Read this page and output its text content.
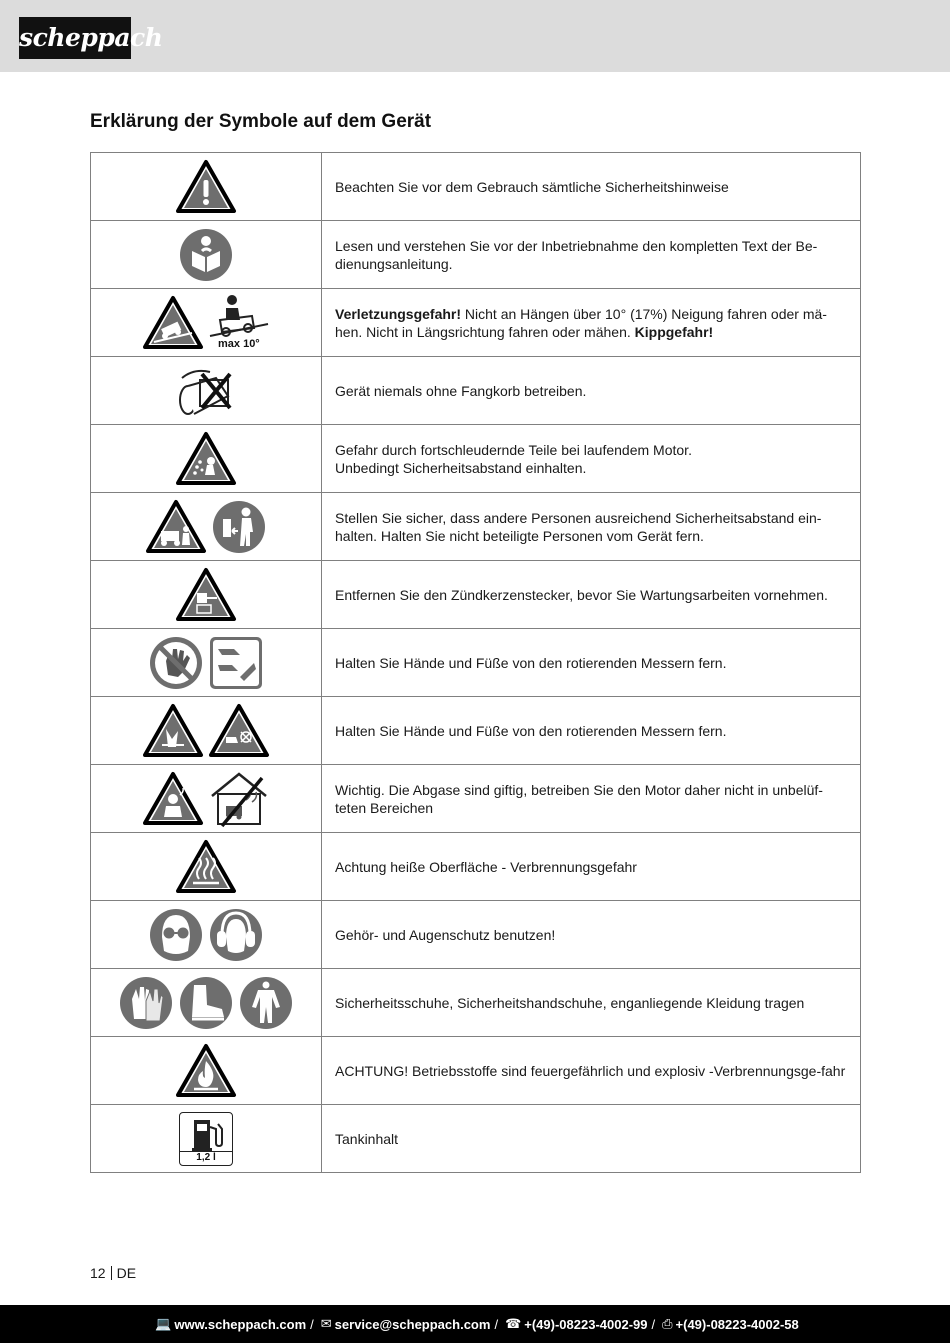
scheppach
Erklärung der Symbole auf dem Gerät
	Beachten Sie vor dem Gebrauch sämtliche Sicherheitshinweise

	Lesen und verstehen Sie vor der Inbetriebnahme den kompletten Text der Be-dienungsanleitung.

max 10°	Verletzungsgefahr! Nicht an Hängen über 10° (17%) Neigung fahren oder mä-hen. Nicht in Längsrichtung fahren oder mähen. Kippgefahr!

	Gerät niemals ohne Fangkorb betreiben.

	Gefahr durch fortschleudernde Teile bei laufendem Motor.
Unbedingt Sicherheitsabstand einhalten.

	Stellen Sie sicher, dass andere Personen ausreichend Sicherheitsabstand ein-halten. Halten Sie nicht beteiligte Personen vom Gerät fern.

	Entfernen Sie den Zündkerzenstecker, bevor Sie Wartungsarbeiten vornehmen.

	Halten Sie Hände und Füße von den rotierenden Messern fern.

	Halten Sie Hände und Füße von den rotierenden Messern fern.

	Wichtig. Die Abgase sind giftig, betreiben Sie den Motor daher nicht in unbelüf-teten Bereichen

	Achtung heiße Oberfläche - Verbrennungsgefahr

	Gehör- und Augenschutz benutzen!

	Sicherheitsschuhe, Sicherheitshandschuhe, enganliegende Kleidung tragen

	ACHTUNG! Betriebsstoffe sind feuergefährlich und explosiv -Verbrennungsge-fahr

1,2 l	Tankinhalt
12 DE
💻 www.scheppach.com / ✉ service@scheppach.com / ☎ +(49)-08223-4002-99 / ⎙ +(49)-08223-4002-58
